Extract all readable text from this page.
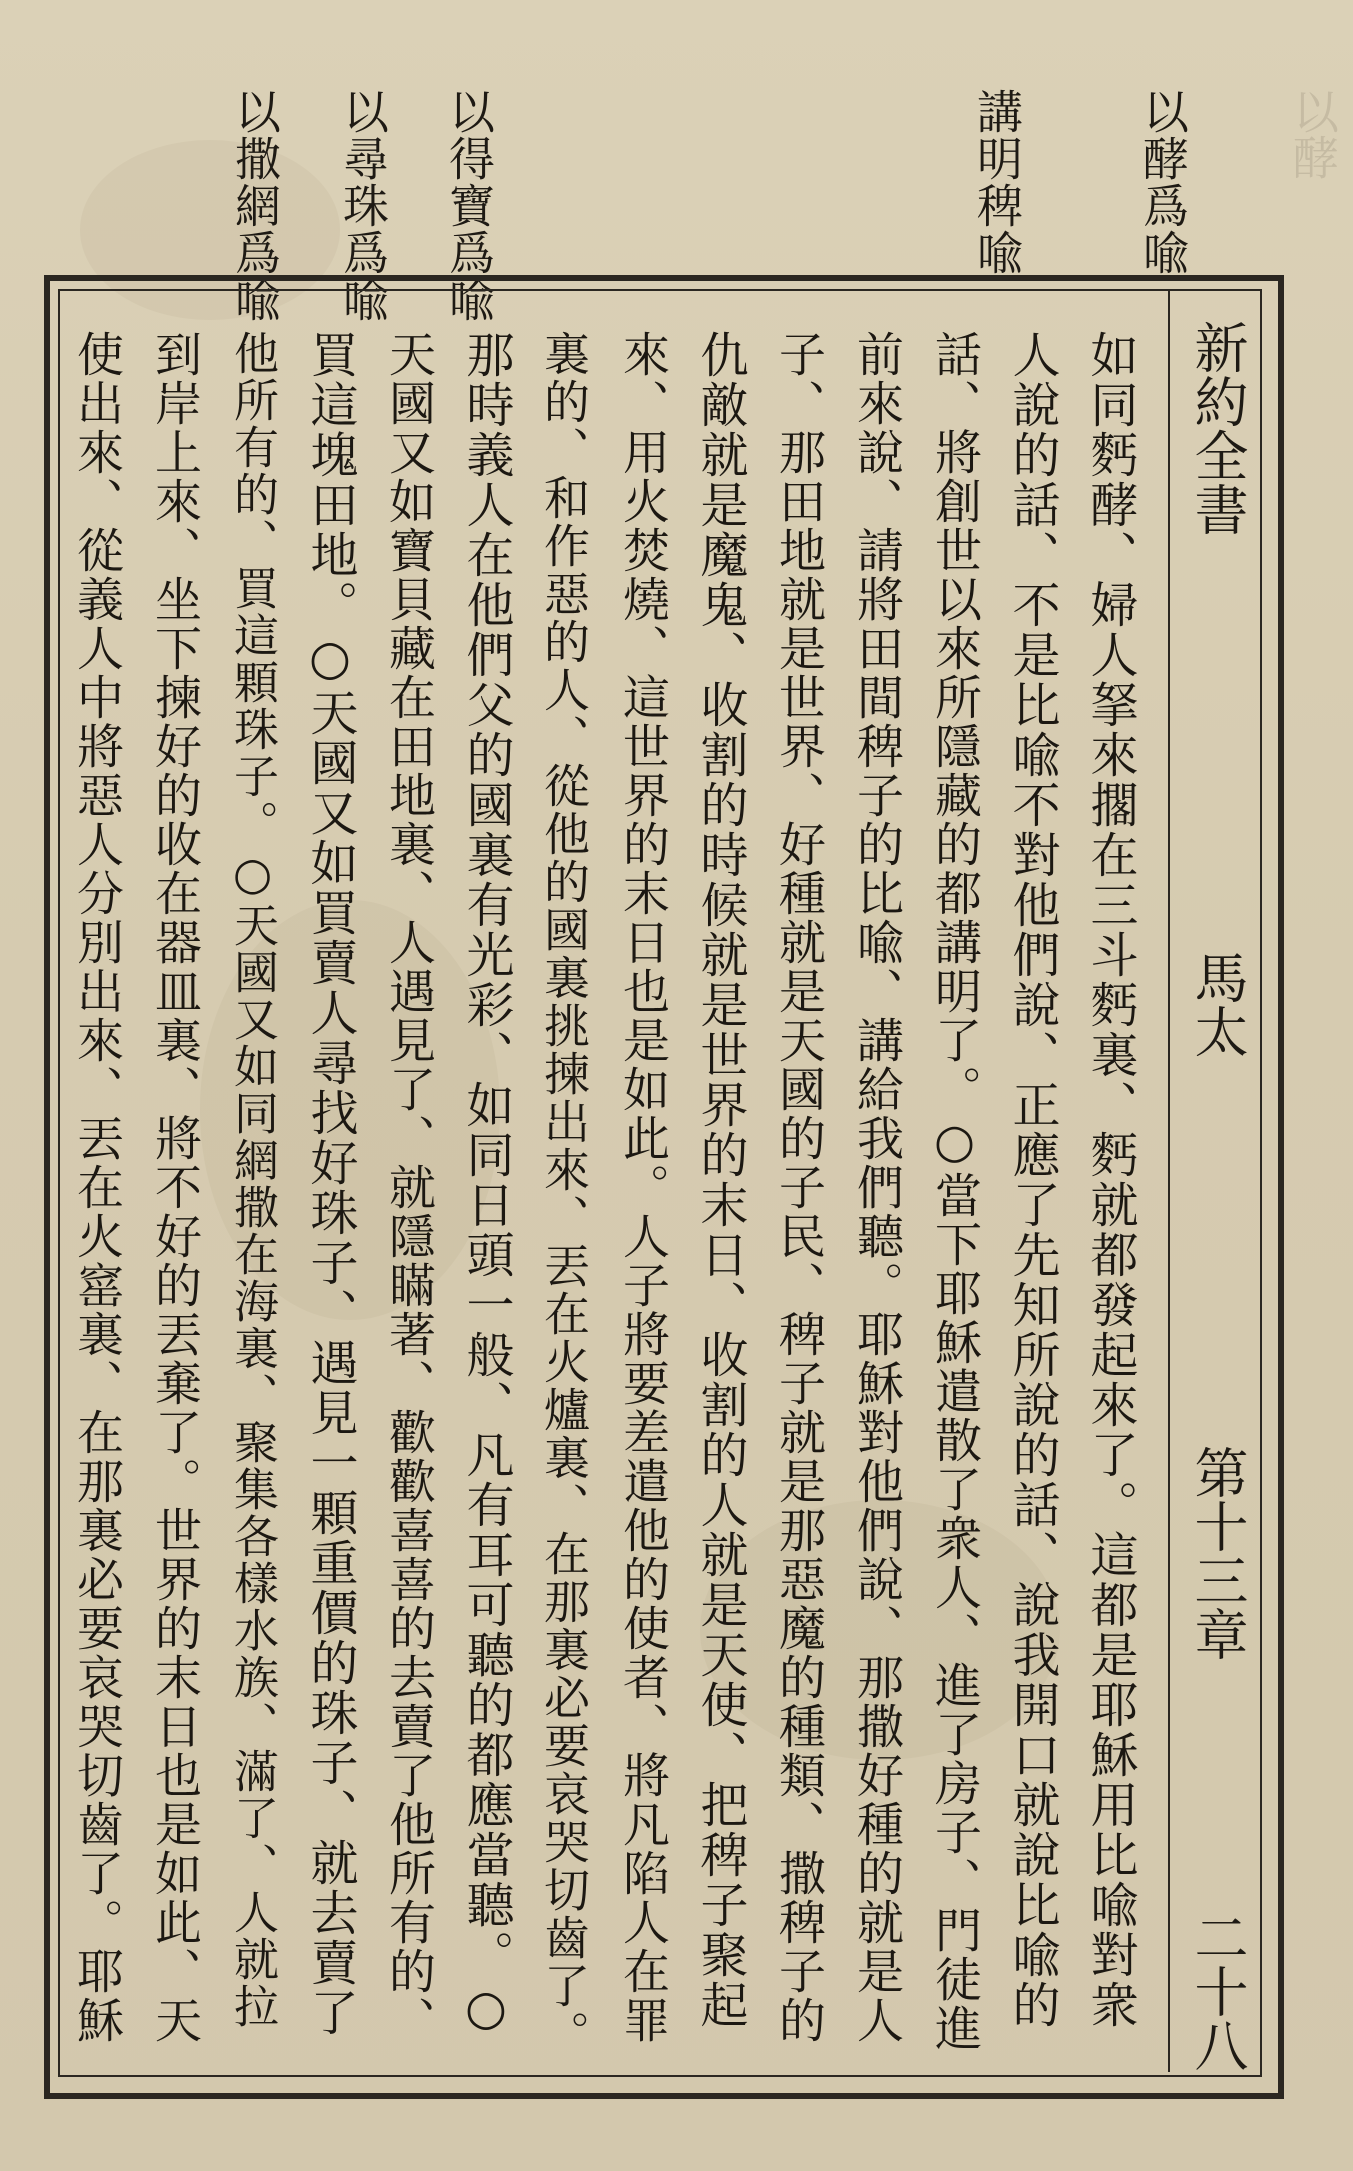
以酵

以酵爲喩

講明稗喩

以得寶爲喩

以尋珠爲喩

以撒網爲喩

新約全書

馬太

第十三章

二十八

如同麫酵、婦人拏來擱在三斗麫裏、麫就都發起來了。這都是耶穌用比喩對衆

人說的話、不是比喩不對他們說、正應了先知所說的話、說我開口就說比喩的

話、將創世以來所隱藏的都講明了。○當下耶穌遣散了衆人、進了房子、門徒進

前來說、請將田間稗子的比喩、講給我們聽。耶穌對他們說、那撒好種的就是人

子、那田地就是世界、好種就是天國的子民、稗子就是那惡魔的種類、撒稗子的

仇敵就是魔鬼、收割的時候就是世界的末日、收割的人就是天使、把稗子聚起

來、用火焚燒、這世界的末日也是如此。人子將要差遣他的使者、將凡陷人在罪

裏的、和作惡的人、從他的國裏挑揀出來、丟在火爐裏、在那裏必要哀哭切齒了。

那時義人在他們父的國裏有光彩、如同日頭一般、凡有耳可聽的都應當聽。○

天國又如寶貝藏在田地裏、人遇見了、就隱瞞著、歡歡喜喜的去賣了他所有的、

買這塊田地。○天國又如買賣人尋找好珠子、遇見一顆重價的珠子、就去賣了

他所有的、買這顆珠子。○天國又如同網撒在海裏、聚集各樣水族、滿了、人就拉

到岸上來、坐下揀好的收在器皿裏、將不好的丟棄了。世界的末日也是如此、天

使出來、從義人中將惡人分別出來、丟在火窰裏、在那裏必要哀哭切齒了。耶穌
